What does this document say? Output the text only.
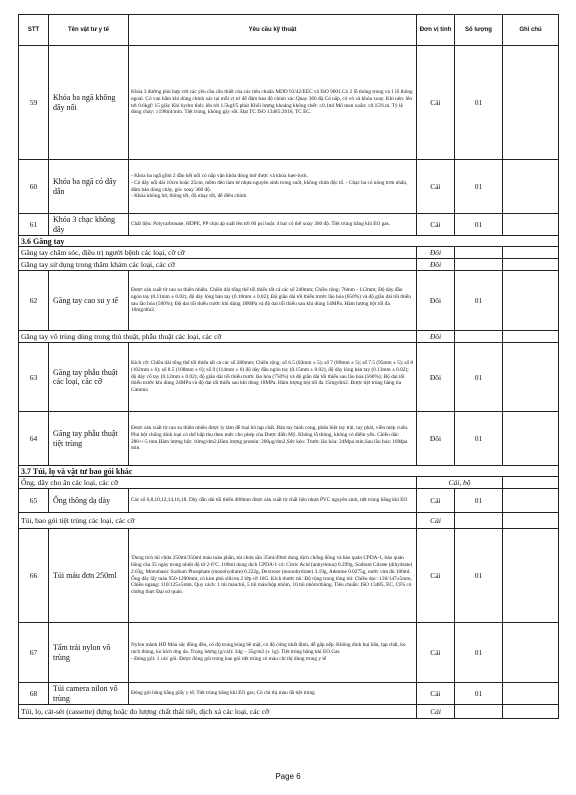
STT	Tên vật tư y tế	Yêu cầu kỹ thuật	Đơn vị tính	Số lượng	Ghi chú
59	Khóa ba ngã không dây nối	Khóa 3 đường phù hợp với các yêu cầu cần thiết của các tiêu chuẩn MDD 93/42/EEC và ISO 9001.Có 2 lỗ thông trong và 1 lỗ thông ngoài. Có van bấm khi dùng chính xác tại mỗi vị trí để đảm bảo độ chính xác.Quay 360 độ.Có nắp, có vỏ và khóa xoay. Khi nén: lên tới 0.6kgf/ 15 giây Khí hydro tĩnh: lên tới 1.5kgf/5 phút Khối lượng khoảng không chết: ≤0.1ml Mô men xoắn: ≤0.15N.m. Tỷ lệ dòng chảy: ≥198ml/min. Tiệt trùng, không gây sốt. Đạt TC ISO 13485:2016, TC EC.	Cái	01	
60	Khóa ba ngã có dây dẫn	- Khóa ba ngã gồm 2 đầu kết nối có nắp vặn khóa đóng mở được và khóa luer-lock.

- Có dây nối dài 10cm hoặc 25cm, mềm dẻo làm từ nhựa nguyên sinh trong suốt, không chứa độc tố. - Chạc ba có nòng trơn nhẵn, đảm bảo dòng chảy, góc xoay 360 độ.

- Khóa không hở, thông tốt, độ nhạy tốt, dễ điều chỉnh	Cái	01	
61	Khóa 3 chạc không dây	Chất liệu: Polycarbonate, HDPE, PP chịu áp suất lên tới 60 psi hoặc 4 bar có thể xoay 360 độ. Tiệt trùng bằng khí EO gas.	Cái	01	
3.6 Găng tay					
Găng tay chăm sóc, điều trị người bệnh các loại, cỡ cỡ			Đôi		
Găng tay sử dụng trong thăm khám các loại, các cỡ			Đôi		
62	Găng tay cao su y tế	Được sản xuất từ cao su thiên nhiên. Chiều dài tổng thể tối thiểu tất cả các số 240mm; Chiều rộng: 76mm - 113mm; Độ dày đầu ngón tay (0.11mm ± 0.02), độ dày lòng bàn tay (0.10mm ± 0.02); Độ giãn dài tối thiểu trước lão hóa (650%) và độ giãn dài tối thiểu sau lão hóa (500%); Độ dai tối thiểu trước khi dùng 18MPa và độ dai tối thiểu sau khi dùng 14MPa. Hàm lượng bột tối đa 10mg/dm2.	Đôi	01	
Găng tay vô trùng dùng trong thủ thuật, phẫu thuật các loại, các cỡ			Đôi		
63	Găng tay phẫu thuật các loại, các cỡ	Kích cỡ: Chiều dài tổng thể tối thiểu tất cả các số 280mm; Chiều rộng: số 6.5 (83mm ± 5); số 7 (89mm ± 5); số 7.5 (95mm ± 5); số 8 (102mm ± 6); số 8.5 (108mm ± 6); số 9 (114mm ± 6) độ dày đầu ngón tay (0.15mm ± 0.02), độ dày lòng bàn tay (0.13mm ± 0.02); độ dày cổ tay (0.12mm ± 0.02); độ giãn dài tối thiểu trước lão hóa (750%) và độ giãn dài tối thiểu sau lão hóa (560%); Độ dai tối thiểu trước khi dùng 24MPa và độ dai tối thiểu sau khi dùng 18MPa. Hàm lượng bột tối đa 15mg/dm2. Được tiệt trùng bằng tia Gamma	Đôi	01	
64	Găng tay phẫu thuật tiệt trùng	Được sản xuất từ cao su thiên nhiên được ly tâm để loại bỏ tạp chất. Bàn tay hình cong, phân biệt tay trái, tay phải, viền mép cuốn. Phủ bột chống dính loại có thể hấp thụ theo mức cho phép của Dược điển Mỹ. Không lỗ thủng, không có điểm yếu. Chiều dài: 280+/-5 mm,Hàm lượng bột: 10mg/dm2,Hàm lượng protein: 200μg/dm2,Sức kéo: Trước lão hóa: 24Mpa min,Sau lão hóa: 18Mpa min.	Đôi	01	
3.7 Túi, lọ và vật tư bao gói khác					
Ống, dây cho ăn các loại, các cỡ			Cái, bộ		
65	Ống thông dạ dày	Các số 6,8,10,12,14,16,18. Dây dẫn dài tối thiểu 400mm được sản xuất từ chất liệu nhựa PVC nguyên sinh, tiệt trùng bằng khí EO	Cái	01	
Túi, bao gói tiệt trùng các loại, các cỡ			Cái		
66	Túi máu đơn 250ml	'Dung tích túi chứa 250ml/350ml máu toàn phần, túi chứa sẵn 35ml/49ml dung dịch chống đông và bảo quản CPDA-1, bảo quản hồng cầu 35 ngày trong nhiệt độ từ 2-6ºC. 100ml dung dịch CPDA-1 có: Citric Acid (anhydrous) 0.299g, Sodium Citrate (dihydrate) 2.63g, Monobasic Sodium Phosphate (monohydrate) 0.222g, Dextrose (monohydrate) 3.19g, Adenine 0.0275g, nước vừa đủ 100ml. Ống dây lấy máu 950-1200mm, có kim phủ silicon 2 lớp cỡ 16G. Kích thước túi: Độ rộng trong lòng túi: Chiều dọc: 136/147±5mm, Chiều ngang: 110/125±5mm. Quy cách: 1 túi máu/túi, 5 túi máu/hộp nhôm, 10 túi nhôm/thùng. Tiêu chuẩn: ISO 13485, EC, CFS có chứng thực Đại sứ quán.	Cái	01	
67	Tấm trải nylon vô trùng	Nylon mành HD Màu sắc đồng đều, có độ trong,bóng bề mặt, có độ cứng nhất định, dễ gấp nếp. Không dính bụi bẩn, tạp chất, ko rách thủng, ko kích ứng da. Trọng lượng (g/cái): 34g – 35g/m2 (± 1g). Tiệt trùng bằng khí EO.Gas

- Đóng gói: 1 cái/ gói. Được đóng gói trong bao gói tiệt trùng có màu chỉ thị dùng trong y tế	Cái	01	
68	Túi camera nilon vô trùng	Đóng gói bằng bằng giấy y tế; Tiệt trùng bằng khí EO gas; Có chỉ thị màu đã tiệt trùng	Cái	01	
Túi, lọ, cát-sét (cassette) đựng hoặc đo lượng chất thải tiết, dịch xả các loại, các cỡ			Cái		
Page 6
